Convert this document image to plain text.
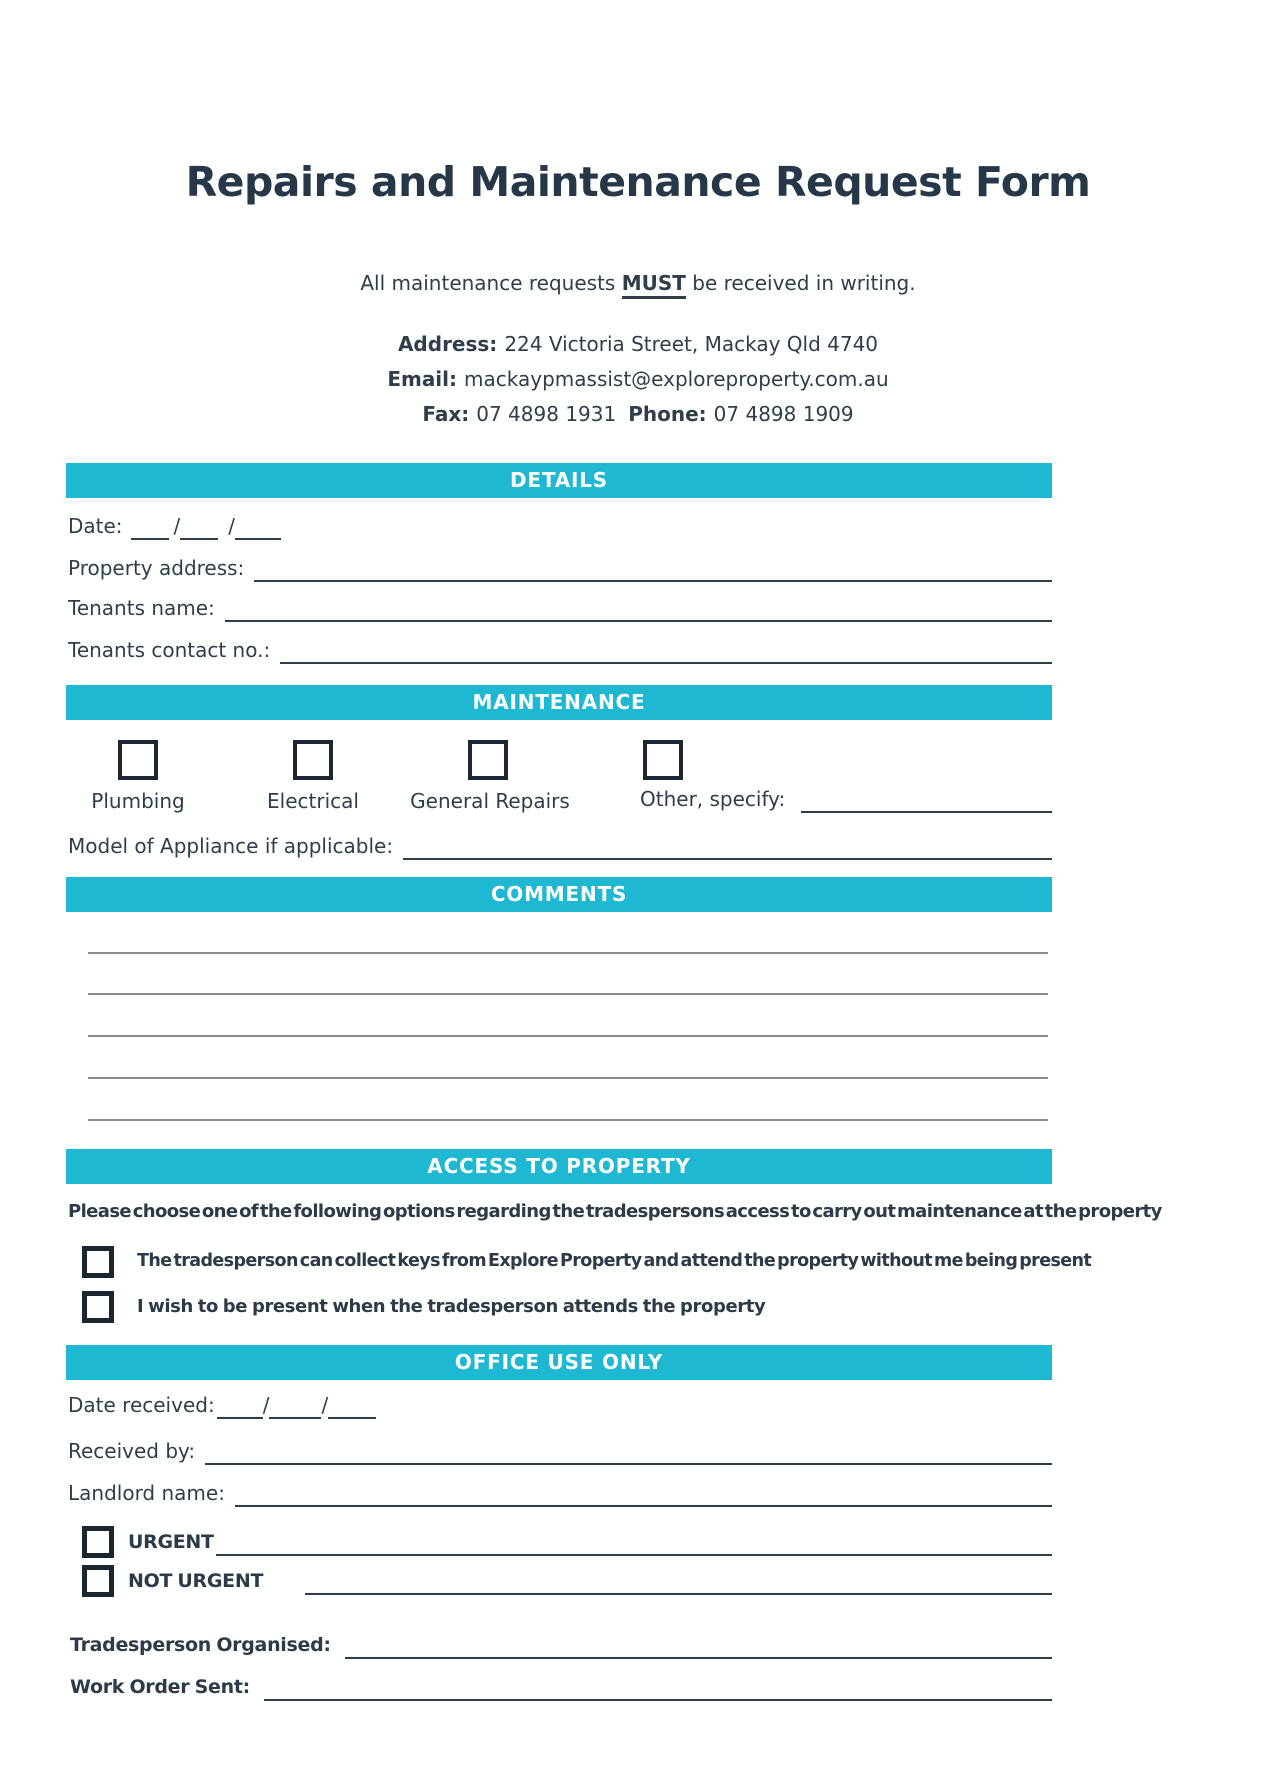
Repairs and Maintenance Request Form
All maintenance requests MUST be received in writing.
Address: 224 Victoria Street, Mackay Qld 4740
Email: mackaypmassist@exploreproperty.com.au
Fax: 07 4898 1931 Phone: 07 4898 1909
DETAILS
Date:	/ /
Property address:
Tenants name:
Tenants contact no.:
MAINTENANCE
Plumbing	Electrical	General Repairs	Other, specify:
Model of Appliance if applicable:
COMMENTS
ACCESS TO PROPERTY
Please choose one of the following options regarding the tradespersons access to carry out maintenance at the property
The tradesperson can collect keys from Explore Property and attend the property without me being present
I wish to be present when the tradesperson attends the property
OFFICE USE ONLY
Date received: /	/
Received by:
Landlord name:
URGENT
NOT URGENT
Tradesperson Organised:
Work Order Sent:
